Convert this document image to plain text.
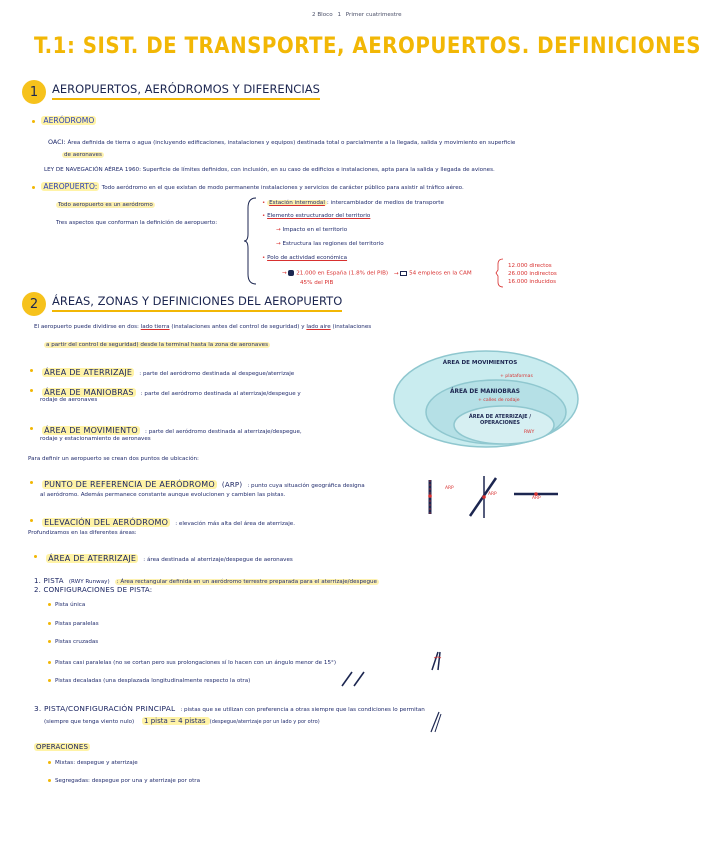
2 Bloco 1 Primer cuatrimestre
T.1: SIST. DE TRANSPORTE, AEROPUERTOS. DEFINICIONES
1	AEROPUERTOS, AERÓDROMOS Y DIFERENCIAS
AERÓDROMO
OACI: Área definida de tierra o agua (incluyendo edificaciones, instalaciones y equipos) destinada total o parcialmente a la llegada, salida y movimiento en superficie
de aeronaves
LEY DE NAVEGACIÓN AÉREA 1960: Superficie de límites definidos, con inclusión, en su caso de edificios e instalaciones, apta para la salida y llegada de aviones.
AEROPUERTO: Todo aeródromo en el que existan de modo permanente instalaciones y servicios de carácter público para asistir al tráfico aéreo.
Todo aeropuerto es un aeródromo
Tres aspectos que conforman la definición de aeropuerto:
• Estación intermodal : intercambiador de medios de transporte
• Elemento estructurador del territorio
→ Impacto en el territorio
→ Estructura las regiones del territorio
• Polo de actividad económica
→ 21.000 en España (1.8% del PIB) → 54 empleos en la CAM
45% del PIB
12.000 directos
26.000 indirectos
16.000 inducidos
2	ÁREAS, ZONAS Y DEFINICIONES DEL AEROPUERTO
El aeropuerto puede dividirse en dos: lado tierra (instalaciones antes del control de seguridad) y lado aire (instalaciones
a partir del control de seguridad) desde la terminal hasta la zona de aeronaves
ÁREA DE ATERRIZAJE : parte del aeródromo destinada al despegue/aterrizaje
ÁREA DE MANIOBRAS : parte del aeródromo destinada al aterrizaje/despegue y
rodaje de aeronaves
ÁREA DE MOVIMIENTO : parte del aeródromo destinada al aterrizaje/despegue,
rodaje y estacionamiento de aeronaves
ÁREA DE MOVIMIENTOS
+ plataformas
ÁREA DE MANIOBRAS
+ calles de rodaje
ÁREA DE ATERRIZAJE / OPERACIONES
RWY
Para definir un aeropuerto se crean dos puntos de ubicación:
PUNTO DE REFERENCIA DE AERÓDROMO (ARP) : punto cuya situación geográfica designa
al aeródromo. Además permanece constante aunque evolucionen y cambien las pistas.
ELEVACIÓN DEL AERÓDROMO : elevación más alta del área de aterrizaje.
ARP
ARP
ARP
Profundizamos en las diferentes áreas:
ÁREA DE ATERRIZAJE : área destinada al aterrizaje/despegue de aeronaves
1. PISTA (RWY Runway) : Área rectangular definida en un aeródromo terrestre preparada para el aterrizaje/despegue
2. CONFIGURACIONES DE PISTA:
Pista única
Pistas paralelas
Pistas cruzadas
Pistas casi paralelas (no se cortan pero sus prolongaciones sí lo hacen con un ángulo menor de 15°)
Pistas decaladas (una desplazada longitudinalmente respecto la otra)
3. PISTA/CONFIGURACIÓN PRINCIPAL : pistas que se utilizan con preferencia a otras siempre que las condiciones lo permitan
(siempre que tenga viento nulo) 1 pista = 4 pistas (despegue/aterrizaje por un lado y por otro)
OPERACIONES
Mixtas: despegue y aterrizaje
Segregadas: despegue por una y aterrizaje por otra
